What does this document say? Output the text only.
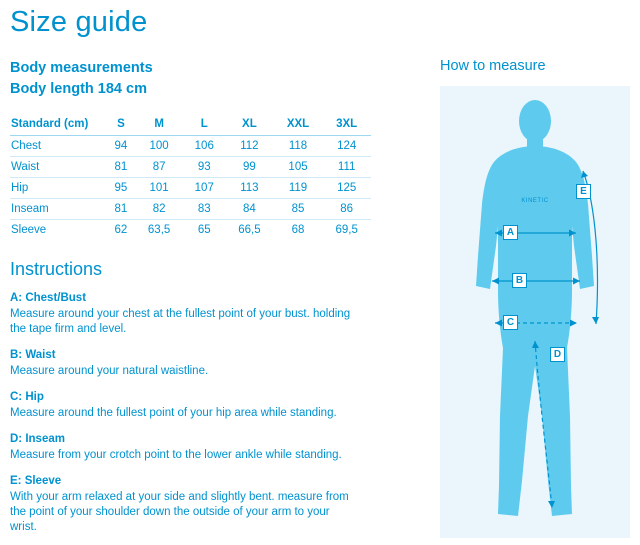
Size guide
Body measurements
Body length 184 cm
Standard (cm)	S	M	L	XL	XXL	3XL
Chest	94	100	106	112	118	124
Waist	81	87	93	99	105	111
Hip	95	101	107	113	119	125
Inseam	81	82	83	84	85	86
Sleeve	62	63,5	65	66,5	68	69,5
Instructions
A: Chest/Bust
Measure around your chest at the fullest point of your bust. holding the tape firm and level.
B: Waist
Measure around your natural waistline.
C: Hip
Measure around the fullest point of your hip area while standing.
D: Inseam
Measure from your crotch point to the lower ankle while standing.
E: Sleeve
With your arm relaxed at your side and slightly bent. measure from the point of your shoulder down the outside of your arm to your wrist.
How to measure
KINETIC
A
B
C
D
E
